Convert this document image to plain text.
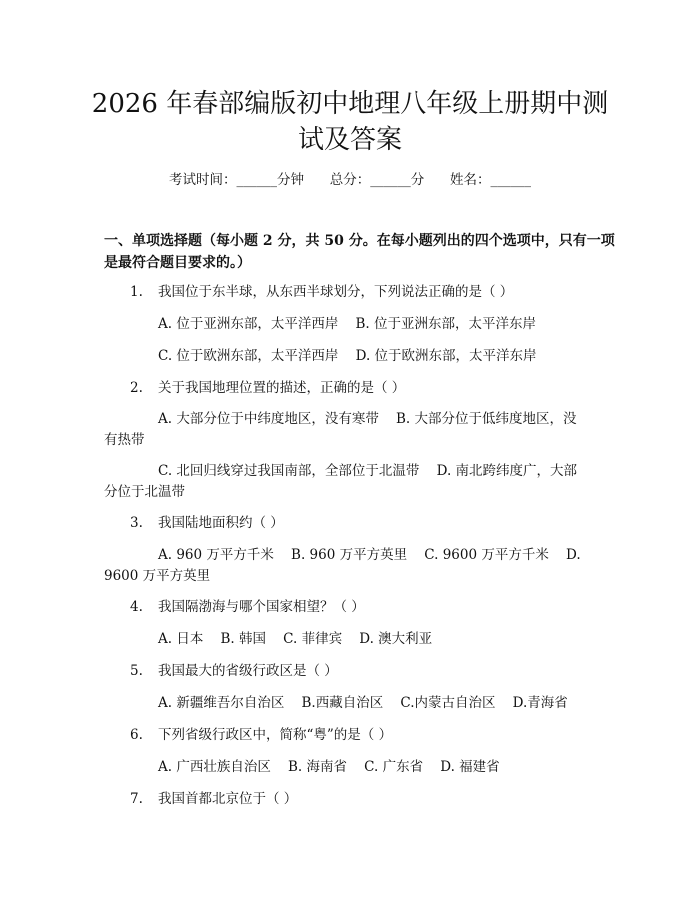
2026 年春部编版初中地理八年级上册期中测
试及答案
考试时间：______分钟      总分：______分      姓名：______
一、单项选择题（每小题 2 分，共 50 分。在每小题列出的四个选项中，只有一项
是最符合题目要求的。）
1. 我国位于东半球，从东西半球划分，下列说法正确的是（ ）
A. 位于亚洲东部，太平洋西岸    B. 位于亚洲东部，太平洋东岸
C. 位于欧洲东部，太平洋西岸    D. 位于欧洲东部，太平洋东岸
2. 关于我国地理位置的描述，正确的是（ ）
A. 大部分位于中纬度地区，没有寒带    B. 大部分位于低纬度地区，没
有热带
C. 北回归线穿过我国南部，全部位于北温带    D. 南北跨纬度广，大部
分位于北温带
3. 我国陆地面积约（ ）
A. 960 万平方千米    B. 960 万平方英里    C. 9600 万平方千米    D.
9600 万平方英里
4. 我国隔渤海与哪个国家相望？（ ）
A. 日本    B. 韩国    C. 菲律宾    D. 澳大利亚
5. 我国最大的省级行政区是（ ）
A. 新疆维吾尔自治区    B.西藏自治区    C.内蒙古自治区    D.青海省
6. 下列省级行政区中，简称“粤”的是（ ）
A. 广西壮族自治区    B. 海南省    C. 广东省    D. 福建省
7. 我国首都北京位于（ ）
